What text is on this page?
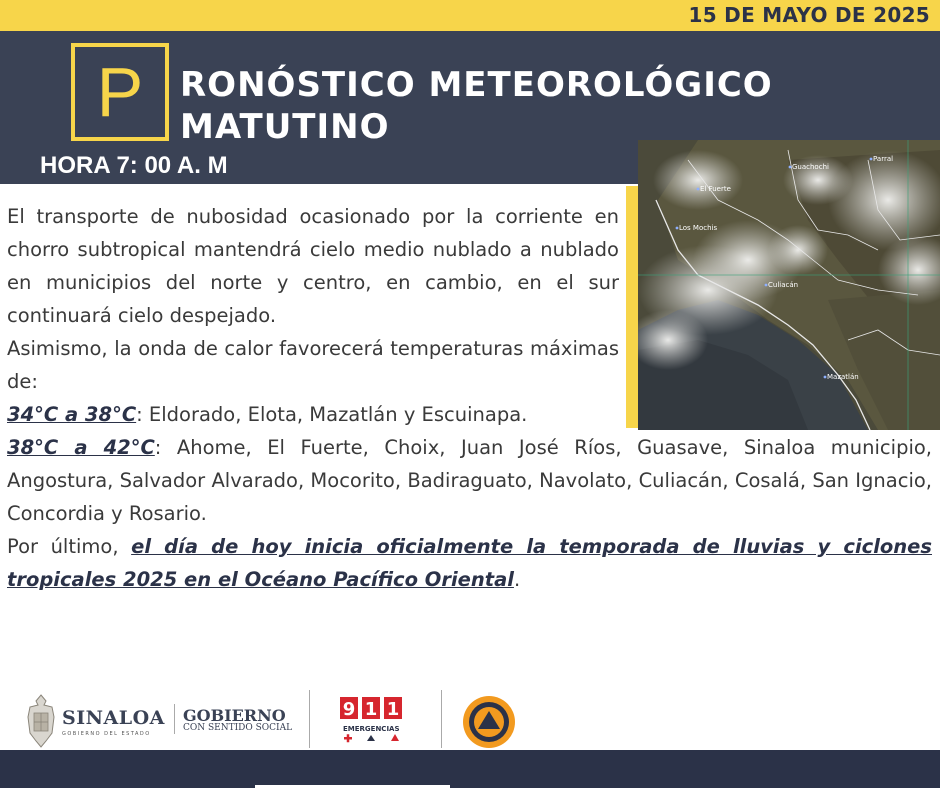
15 DE MAYO DE 2025
P	RONÓSTICO METEOROLÓGICO
MATUTINO
HORA 7: 00 A. M	Guachochi
Parral
El Fuerte
Los Mochis
Culiacán
Mazatlán

El transporte de nubosidad ocasionado por la corriente en chorro subtropical mantendrá cielo medio nublado a nublado en municipios del norte y centro, en cambio, en el sur continuará cielo despejado.

Asimismo, la onda de calor favorecerá temperaturas máximas de:

34°C a 38°C: Eldorado, Elota, Mazatlán y Escuinapa.

38°C a 42°C: Ahome, El Fuerte, Choix, Juan José Ríos, Guasave, Sinaloa municipio, Angostura, Salvador Alvarado, Mocorito, Badiraguato, Navolato, Culiacán, Cosalá, San Ignacio, Concordia y Rosario.

Por último, el día de hoy inicia oficialmente la temporada de lluvias y ciclones tropicales 2025 en el Océano Pacífico Oriental.

SINALOA
GOBIERNO DEL ESTADO
GOBIERNO
CON SENTIDO SOCIAL
9 1 1
EMERGENCIAS
